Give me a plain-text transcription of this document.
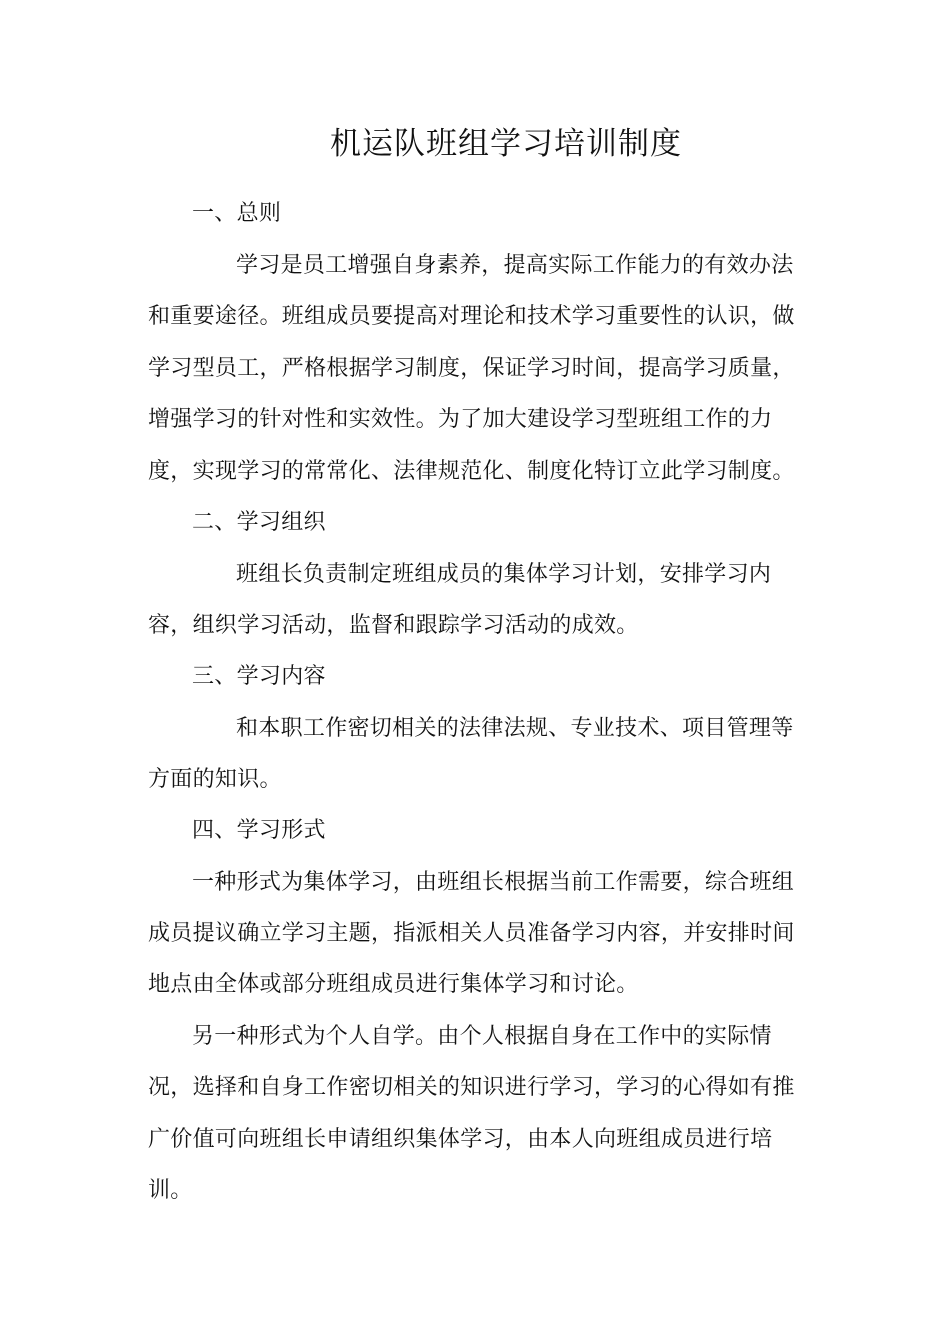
机运队班组学习培训制度
一、总则
学习是员工增强自身素养，提高实际工作能力的有效办法
和重要途径。班组成员要提高对理论和技术学习重要性的认识，做
学习型员工，严格根据学习制度，保证学习时间，提高学习质量，
增强学习的针对性和实效性。为了加大建设学习型班组工作的力
度，实现学习的常常化、法律规范化、制度化特订立此学习制度。
二、学习组织
班组长负责制定班组成员的集体学习计划，安排学习内
容，组织学习活动，监督和跟踪学习活动的成效。
三、学习内容
和本职工作密切相关的法律法规、专业技术、项目管理等
方面的知识。
四、学习形式
一种形式为集体学习，由班组长根据当前工作需要，综合班组
成员提议确立学习主题，指派相关人员准备学习内容，并安排时间
地点由全体或部分班组成员进行集体学习和讨论。
另一种形式为个人自学。由个人根据自身在工作中的实际情
况，选择和自身工作密切相关的知识进行学习，学习的心得如有推
广价值可向班组长申请组织集体学习，由本人向班组成员进行培
训。
